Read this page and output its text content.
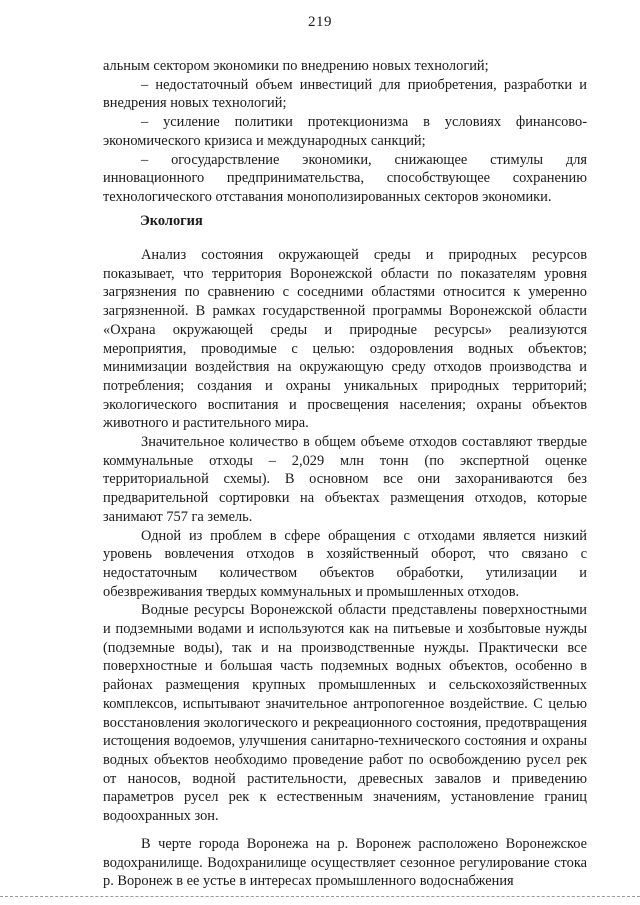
219

альным сектором экономики по внедрению новых технологий;

– недостаточный объем инвестиций для приобретения, разработки и внедрения новых технологий;

– усиление политики протекционизма в условиях финансово-экономического кризиса и международных санкций;

– огосударствление экономики, снижающее стимулы для инновационного предпринимательства, способствующее сохранению технологического отставания монополизированных секторов экономики.

Экология

Анализ состояния окружающей среды и природных ресурсов показывает, что территория Воронежской области по показателям уровня загрязнения по сравнению с соседними областями относится к умеренно загрязненной. В рамках государственной программы Воронежской области «Охрана окружающей среды и природные ресурсы» реализуются мероприятия, проводимые с целью: оздоровления водных объектов; минимизации воздействия на окружающую среду отходов производства и потребления; создания и охраны уникальных природных территорий; экологического воспитания и просвещения населения; охраны объектов животного и растительного мира.

Значительное количество в общем объеме отходов составляют твердые коммунальные отходы – 2,029 млн тонн (по экспертной оценке территориальной схемы). В основном все они захораниваются без предварительной сортировки на объектах размещения отходов, которые занимают 757 га земель.

Одной из проблем в сфере обращения с отходами является низкий уровень вовлечения отходов в хозяйственный оборот, что связано с недостаточным количеством объектов обработки, утилизации и обезвреживания твердых коммунальных и промышленных отходов.

Водные ресурсы Воронежской области представлены поверхностными и подземными водами и используются как на питьевые и хозбытовые нужды (подземные воды), так и на производственные нужды. Практически все поверхностные и большая часть подземных водных объектов, особенно в районах размещения крупных промышленных и сельскохозяйственных комплексов, испытывают значительное антропогенное воздействие. С целью восстановления экологического и рекреационного состояния, предотвращения истощения водоемов, улучшения санитарно-технического состояния и охраны водных объектов необходимо проведение работ по освобождению русел рек от наносов, водной растительности, древесных завалов и приведению параметров русел рек к естественным значениям, установление границ водоохранных зон.

В черте города Воронежа на р. Воронеж расположено Воронежское водохранилище. Водохранилище осуществляет сезонное регулирование стока р. Воронеж в ее устье в интересах промышленного водоснабжения
